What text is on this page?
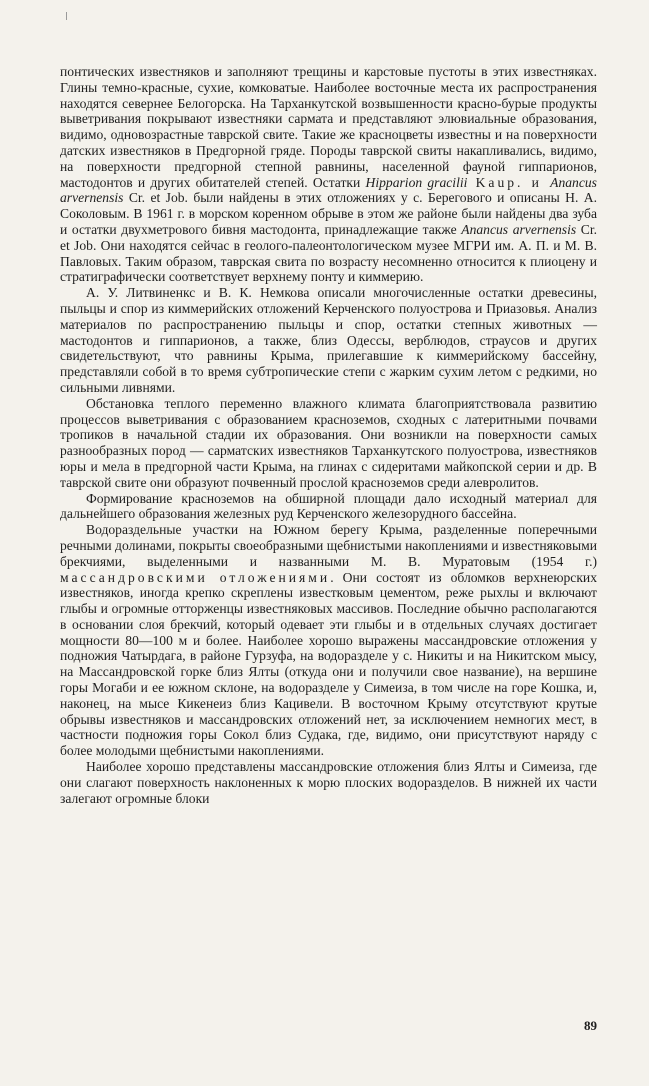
понтических известняков и заполняют трещины и карстовые пустоты в этих известняках. Глины темно-красные, сухие, комковатые. Наиболее восточные места их распространения находятся севернее Белогорска. На Тарханкутской возвышенности красно-бурые продукты выветривания покрывают известняки сармата и представляют элювиальные образования, видимо, одновозрастные таврской свите. Такие же красноцветы известны и на поверхности датских известняков в Предгорной гряде. Породы таврской свиты накапливались, видимо, на поверхности предгорной степной равнины, населенной фауной гиппарионов, мастодонтов и других обитателей степей. Остатки Hipparion gracilii Kaup. и Anancus arvernensis Cr. et Job. были найдены в этих отложениях у с. Берегового и описаны Н. А. Соколовым. В 1961 г. в морском коренном обрыве в этом же районе были найдены два зуба и остатки двухметрового бивня мастодонта, принадлежащие также Anancus arvernensis Cr. et Job. Они находятся сейчас в геолого-палеонтологическом музее МГРИ им. А. П. и М. В. Павловых. Таким образом, таврская свита по возрасту несомненно относится к плиоцену и стратиграфически соответствует верхнему понту и киммерию.

А. У. Литвиненкс и В. К. Немкова описали многочисленные остатки древесины, пыльцы и спор из киммерийских отложений Керченского полуострова и Приазовья. Анализ материалов по распространению пыльцы и спор, остатки степных животных — мастодонтов и гиппарионов, а также, близ Одессы, верблюдов, страусов и других свидетельствуют, что равнины Крыма, прилегавшие к киммерийскому бассейну, представляли собой в то время субтропические степи с жарким сухим летом с редкими, но сильными ливнями.

Обстановка теплого переменно влажного климата благоприятствовала развитию процессов выветривания с образованием красноземов, сходных с латеритными почвами тропиков в начальной стадии их образования. Они возникли на поверхности самых разнообразных пород — сарматских известняков Тарханкутского полуострова, известняков юры и мела в предгорной части Крыма, на глинах с сидеритами майкопской серии и др. В таврской свите они образуют почвенный прослой красноземов среди алевролитов.

Формирование красноземов на обширной площади дало исходный материал для дальнейшего образования железных руд Керченского железорудного бассейна.

Водораздельные участки на Южном берегу Крыма, разделенные поперечными речными долинами, покрыты своеобразными щебнистыми накоплениями и известняковыми брекчиями, выделенными и названными М. В. Муратовым (1954 г.) массандровскими отложениями. Они состоят из обломков верхнеюрских известняков, иногда крепко скреплены известковым цементом, реже рыхлы и включают глыбы и огромные отторженцы известняковых массивов. Последние обычно располагаются в основании слоя брекчий, который одевает эти глыбы и в отдельных случаях достигает мощности 80—100 м и более. Наиболее хорошо выражены массандровские отложения у подножия Чатырдага, в районе Гурзуфа, на водоразделе у с. Никиты и на Никитском мысу, на Массандровской горке близ Ялты (откуда они и получили свое название), на вершине горы Могаби и ее южном склоне, на водоразделе у Симеиза, в том числе на горе Кошка, и, наконец, на мысе Кикенеиз близ Кацивели. В восточном Крыму отсутствуют крутые обрывы известняков и массандровских отложений нет, за исключением немногих мест, в частности подножия горы Сокол близ Судака, где, видимо, они присутствуют наряду с более молодыми щебнистыми накоплениями.

Наиболее хорошо представлены массандровские отложения близ Ялты и Симеиза, где они слагают поверхность наклоненных к морю плоских водоразделов. В нижней их части залегают огромные блоки

89
